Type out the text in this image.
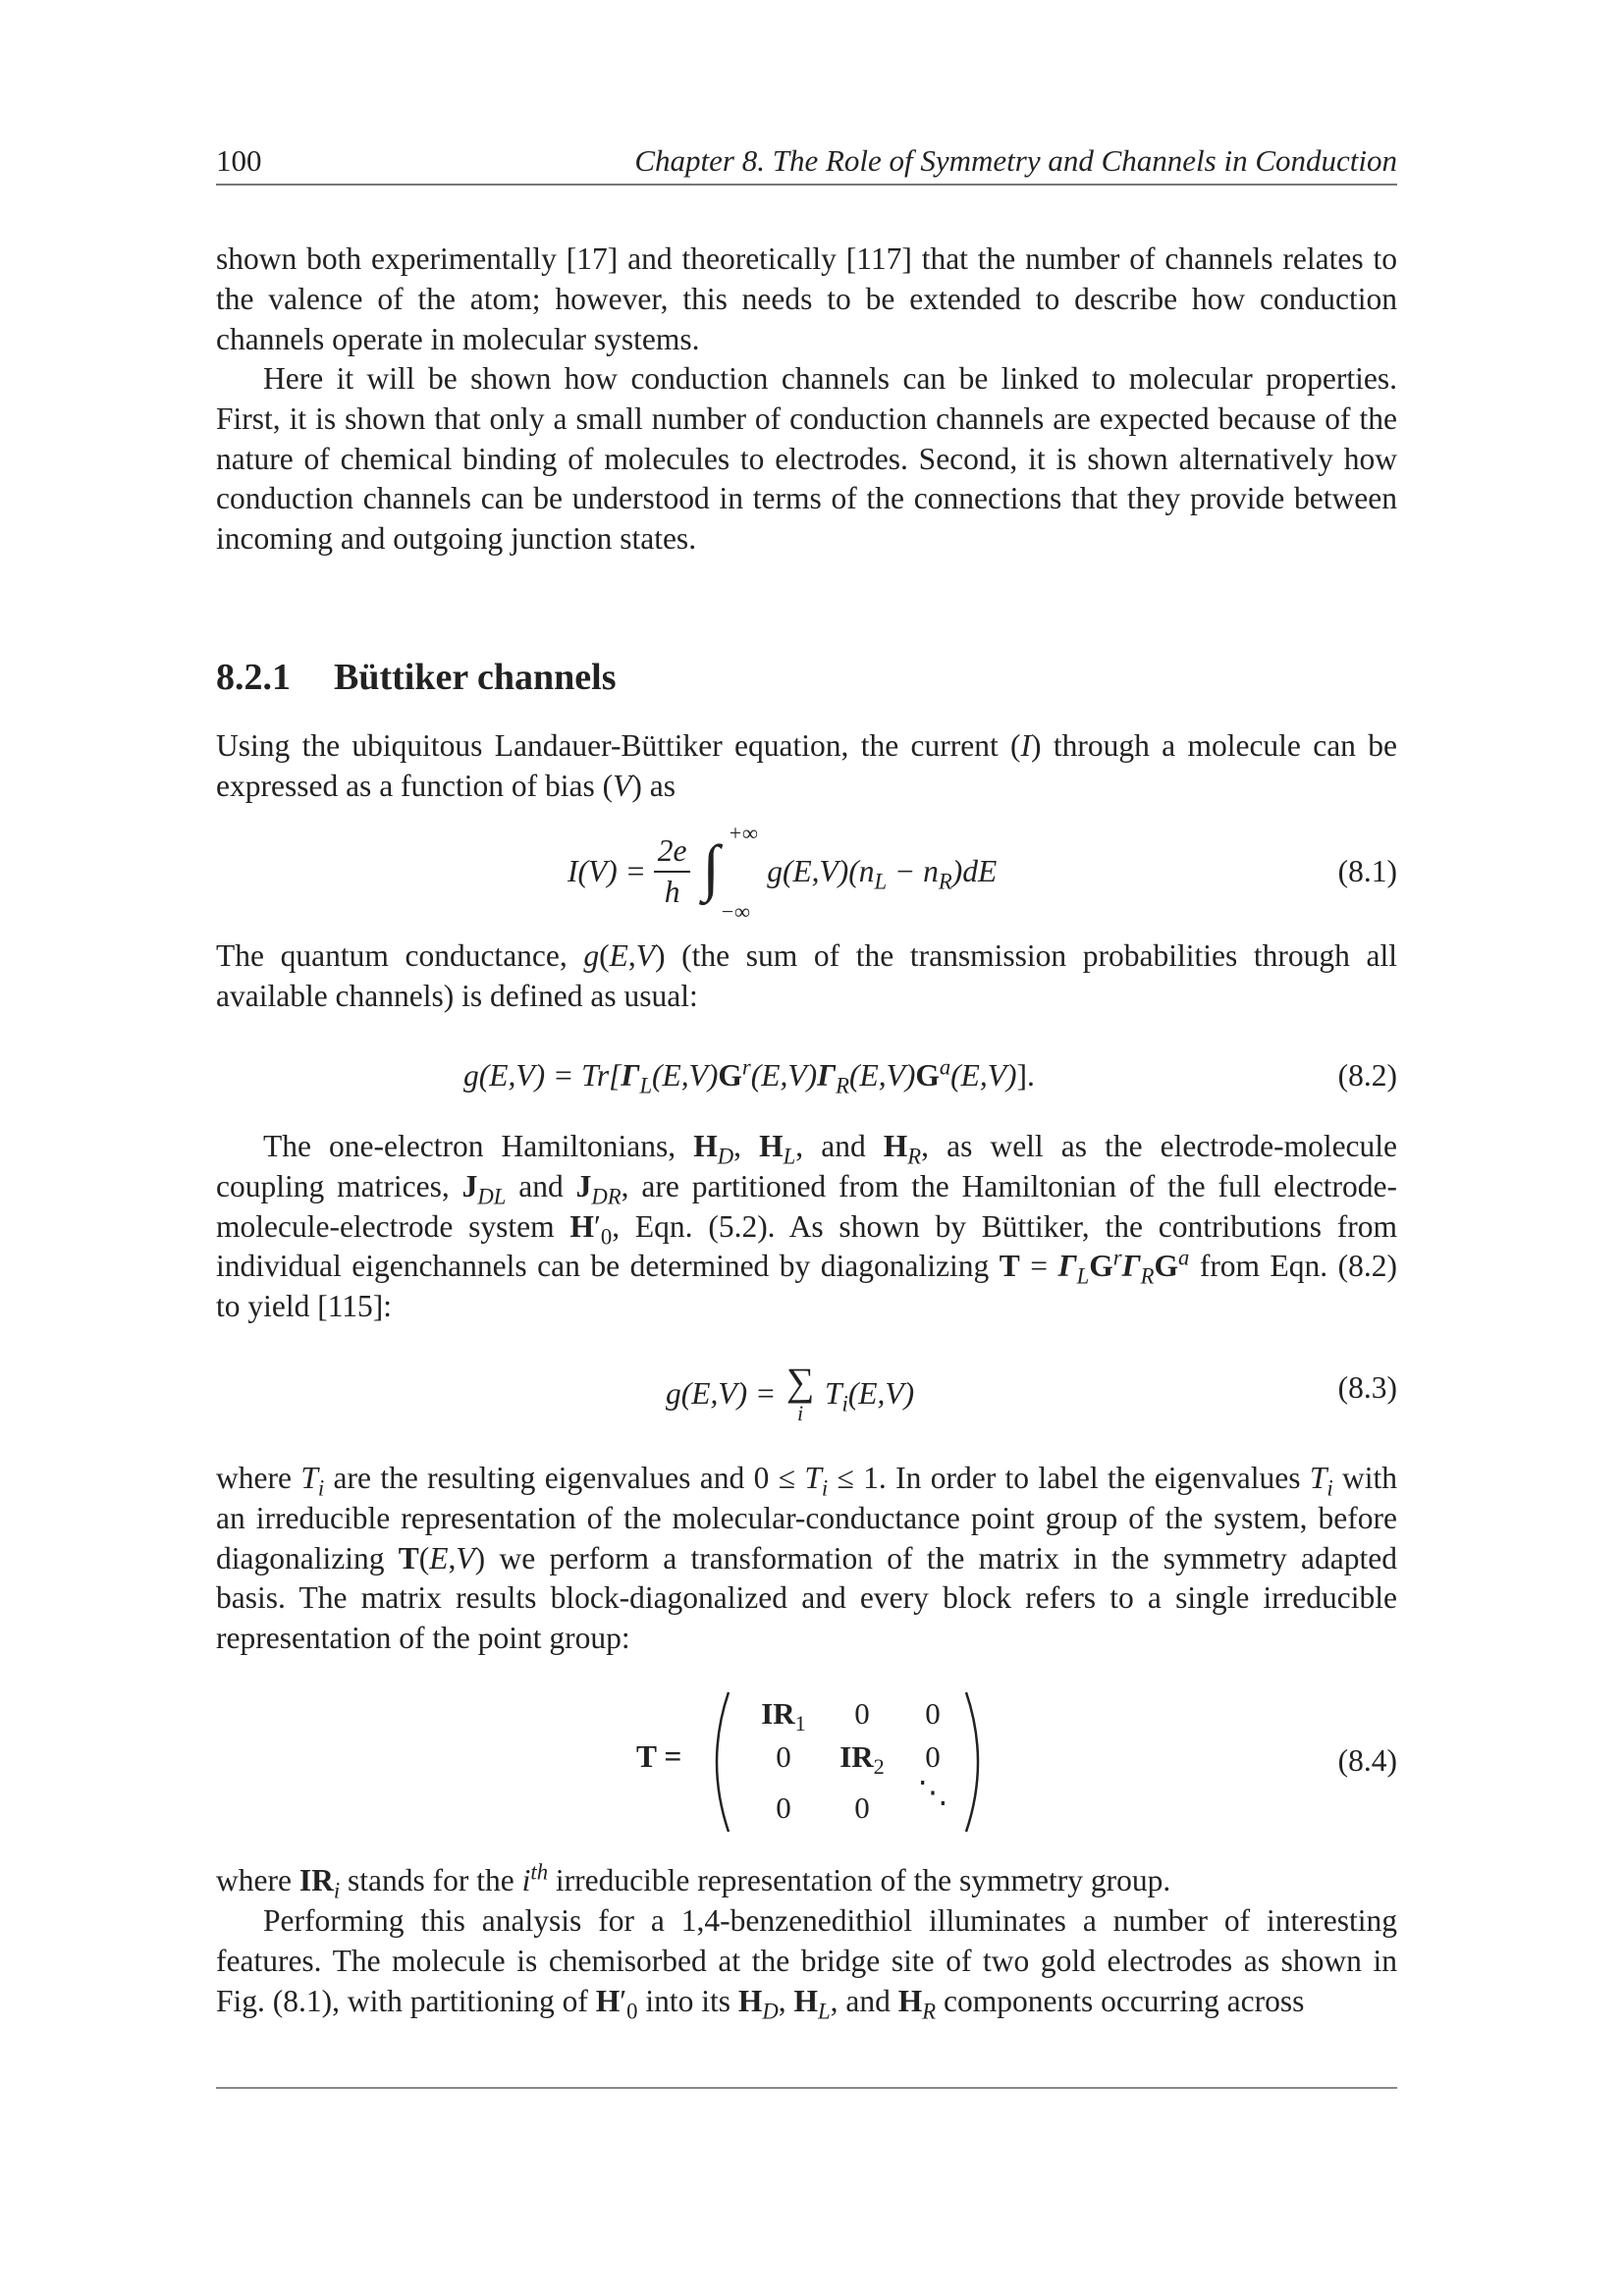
100	Chapter 8. The Role of Symmetry and Channels in Conduction

shown both experimentally [17] and theoretically [117] that the number of channels relates to the valence of the atom; however, this needs to be extended to describe how conduction channels operate in molecular systems.

Here it will be shown how conduction channels can be linked to molecular properties. First, it is shown that only a small number of conduction channels are expected because of the nature of chemical binding of molecules to electrodes. Second, it is shown alternatively how conduction channels can be understood in terms of the connections that they provide between incoming and outgoing junction states.

8.2.1 Büttiker channels

Using the ubiquitous Landauer-Büttiker equation, the current (I) through a molecule can be expressed as a function of bias (V) as

$I(V) = \frac{2e}{h}$
∫ +∞
−∞
$g(E,V)(n_L - n_R)dE$	(8.1)

The quantum conductance, g(E,V) (the sum of the transmission probabilities through all available channels) is defined as usual:

$g(E,V) = Tr[\Gamma_L(E,V)G^r(E,V)\Gamma_R(E,V)G^a(E,V)]$.	(8.2)

The one-electron Hamiltonians, $H_D$, $H_L$, and $H_R$, as well as the electrode-molecule coupling matrices, $J_{DL}$ and $J_{DR}$, are partitioned from the Hamiltonian of the full electrode-molecule-electrode system $H'_0$, Eqn. (5.2). As shown by Büttiker, the contributions from individual eigenchannels can be determined by diagonalizing $T = \Gamma_LG^r\Gamma_RG^a$ from Eqn. (8.2) to yield [115]:

g(E,V) = ∑
i
$T_i(E,V)$	(8.3)

where $T_i$ are the resulting eigenvalues and $0 \le T_i \le 1$. In order to label the eigenvalues $T_i$ with an irreducible representation of the molecular-conductance point group of the system, before diagonalizing T(E,V) we perform a transformation of the matrix in the symmetry adapted basis. The matrix results block-diagonalized and every block refers to a single irreducible representation of the point group:

T =
$IR_1$	0	0
0	$IR_2$	0
0	0	⋱
(8.4)

where $IR_i$ stands for the $i^{th}$ irreducible representation of the symmetry group.

Performing this analysis for a 1,4-benzenedithiol illuminates a number of interesting features. The molecule is chemisorbed at the bridge site of two gold electrodes as shown in Fig. (8.1), with partitioning of $H'_0$ into its $H_D$, $H_L$, and $H_R$ components occurring across
